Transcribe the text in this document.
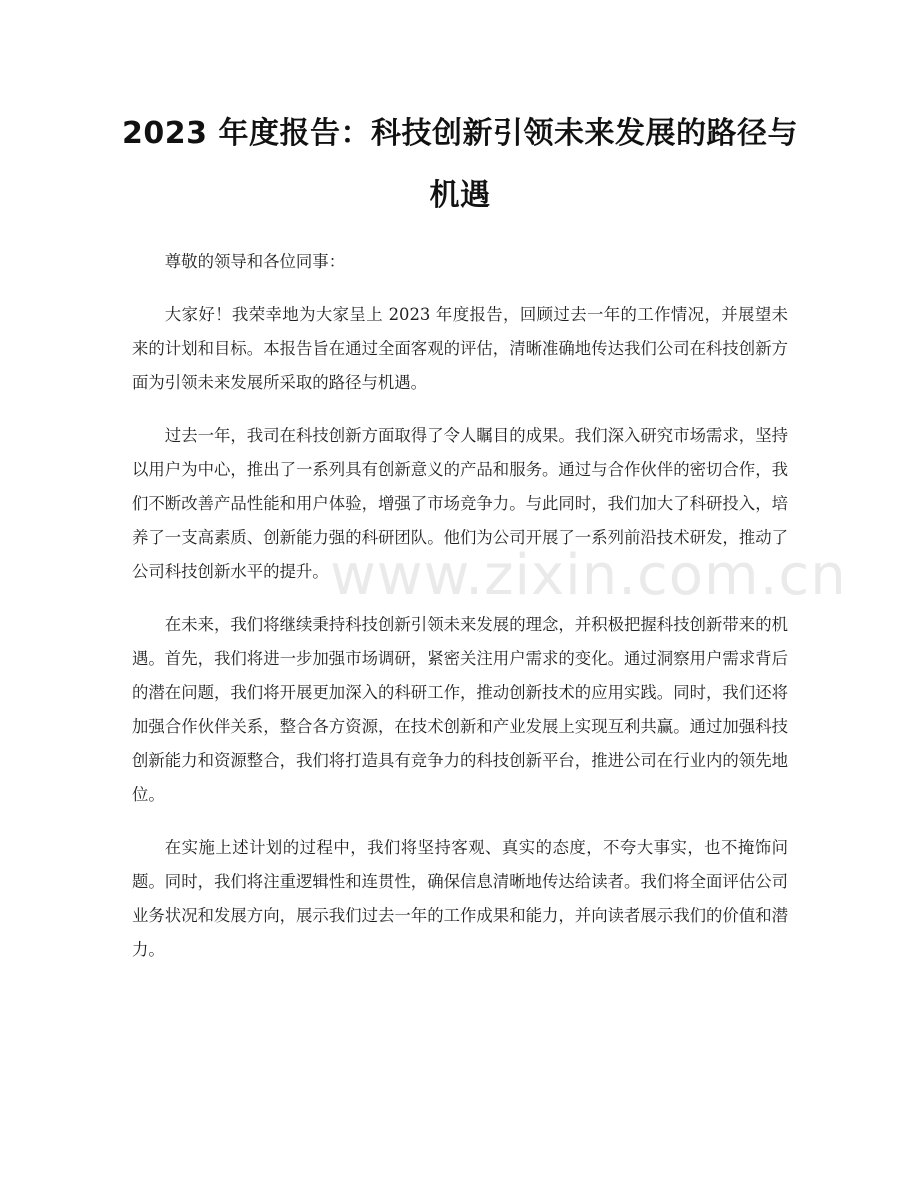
2023 年度报告：科技创新引领未来发展的路径与机遇

尊敬的领导和各位同事：

大家好！我荣幸地为大家呈上 2023 年度报告，回顾过去一年的工作情况，并展望未来的计划和目标。本报告旨在通过全面客观的评估，清晰准确地传达我们公司在科技创新方面为引领未来发展所采取的路径与机遇。

过去一年，我司在科技创新方面取得了令人瞩目的成果。我们深入研究市场需求，坚持以用户为中心，推出了一系列具有创新意义的产品和服务。通过与合作伙伴的密切合作，我们不断改善产品性能和用户体验，增强了市场竞争力。与此同时，我们加大了科研投入，培养了一支高素质、创新能力强的科研团队。他们为公司开展了一系列前沿技术研发，推动了公司科技创新水平的提升。

在未来，我们将继续秉持科技创新引领未来发展的理念，并积极把握科技创新带来的机遇。首先，我们将进一步加强市场调研，紧密关注用户需求的变化。通过洞察用户需求背后的潜在问题，我们将开展更加深入的科研工作，推动创新技术的应用实践。同时，我们还将加强合作伙伴关系，整合各方资源，在技术创新和产业发展上实现互利共赢。通过加强科技创新能力和资源整合，我们将打造具有竞争力的科技创新平台，推进公司在行业内的领先地位。

在实施上述计划的过程中，我们将坚持客观、真实的态度，不夸大事实，也不掩饰问题。同时，我们将注重逻辑性和连贯性，确保信息清晰地传达给读者。我们将全面评估公司业务状况和发展方向，展示我们过去一年的工作成果和能力，并向读者展示我们的价值和潜力。

www.zixin.com.cn
